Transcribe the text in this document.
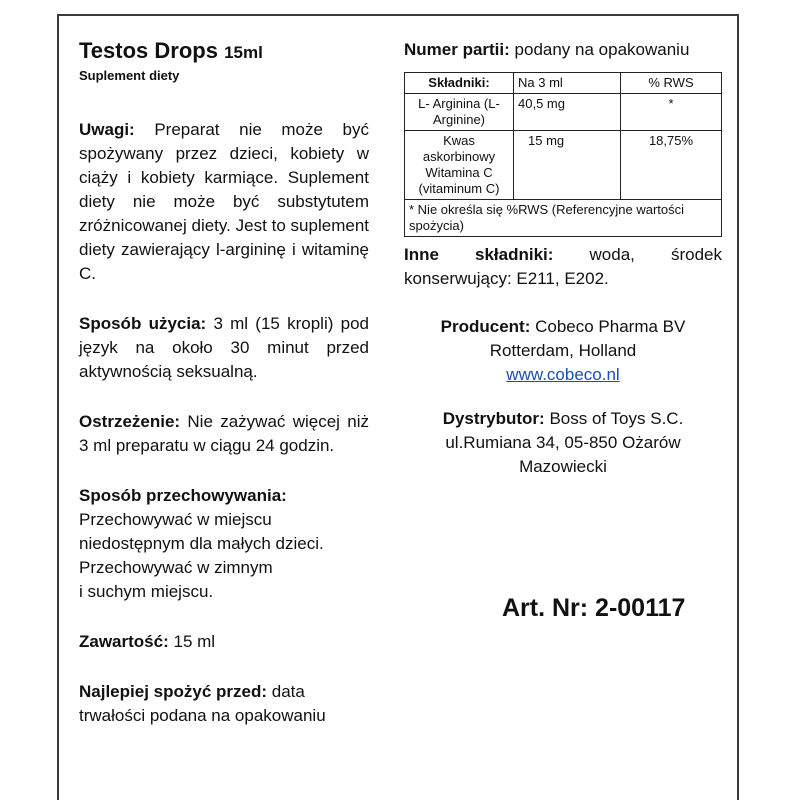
Testos Drops 15ml
Suplement diety
Uwagi: Preparat nie może być spożywany przez dzieci, kobiety w ciąży i kobiety karmiące. Suplement diety nie może być substytutem zróżnicowanej diety. Jest to suplement diety zawierający l-argininę i witaminę C.
Sposób użycia: 3 ml (15 kropli) pod język na około 30 minut przed aktywnością seksualną.
Ostrzeżenie: Nie zażywać więcej niż 3 ml preparatu w ciągu 24 godzin.
Sposób przechowywania:
Przechowywać w miejscu
niedostępnym dla małych dzieci.
Przechowywać w zimnym
i suchym miejscu.
Zawartość: 15 ml
Najlepiej spożyć przed: data trwałości podana na opakowaniu
Numer partii: podany na opakowaniu
Składniki:	Na 3 ml	% RWS
L- Arginina (L-Arginine)	40,5 mg	*
Kwas askorbinowy Witamina C (vitaminum C)	15 mg	18,75%
* Nie określa się %RWS (Referencyjne wartości spożycia)		
Inne składniki: woda, środek konserwujący: E211, E202.
Producent: Cobeco Pharma BV
Rotterdam, Holland
www.cobeco.nl
Dystrybutor: Boss of Toys S.C.
ul.Rumiana 34, 05-850 Ożarów
Mazowiecki
Art. Nr: 2-00117
